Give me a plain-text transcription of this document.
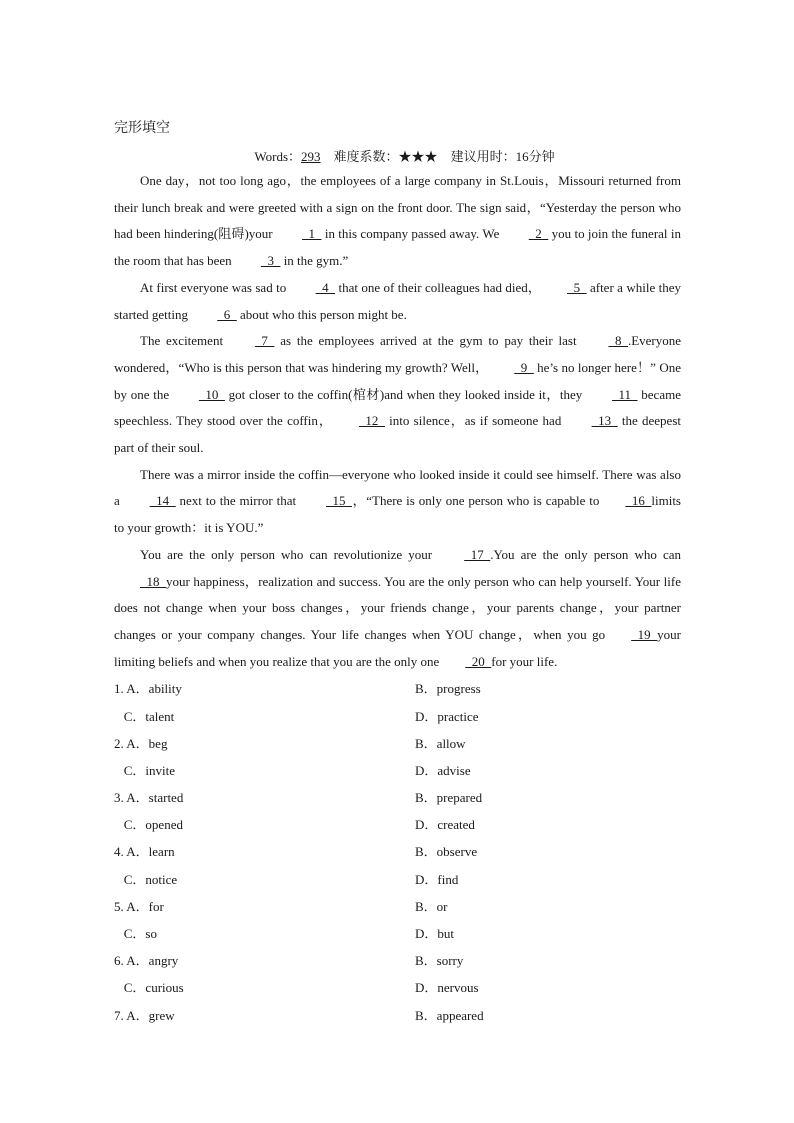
完形填空
Words：293 难度系数：★★★ 建议用时：16分钟

One day，not too long ago，the employees of a large company in St.Louis，Missouri returned from their lunch break and were greeted with a sign on the front door. The sign said，“Yesterday the person who had been hindering(阻碍)your   1   in this company passed away. We   2   you to join the funeral in the room that has been   3   in the gym.”

At first everyone was sad to   4   that one of their colleagues had died，  5   after a while they started getting   6   about who this person might be.

The excitement   7   as the employees arrived at the gym to pay their last   8  .Everyone wondered，“Who is this person that was hindering my growth? Well，  9   he’s no longer here！” One by one the   10   got closer to the coffin(棺材)and when they looked inside it，they   11   became speechless. They stood over the coffin，  12   into silence，as if someone had   13   the deepest part of their soul.

There was a mirror inside the coffin—everyone who looked inside it could see himself. There was also a   14   next to the mirror that   15  ，“There is only one person who is capable to  16  limits to your growth：it is YOU.”

You are the only person who can revolutionize your   17  .You are the only person who can  18  your happiness，realization and success. You are the only person who can help yourself. Your life does not change when your boss changes，your friends change，your parents change，your partner changes or your company changes. Your life changes when YOU change，when you go  19  your limiting beliefs and when you realize that you are the only one  20  for your life.

1. A．ability	B．progress
C．talent	D．practice
2. A．beg	B．allow
C．invite	D．advise
3. A．started	B．prepared
C．opened	D．created
4. A．learn	B．observe
C．notice	D．find
5. A．for	B．or
C．so	D．but
6. A．angry	B．sorry
C．curious	D．nervous
7. A．grew	B．appeared
